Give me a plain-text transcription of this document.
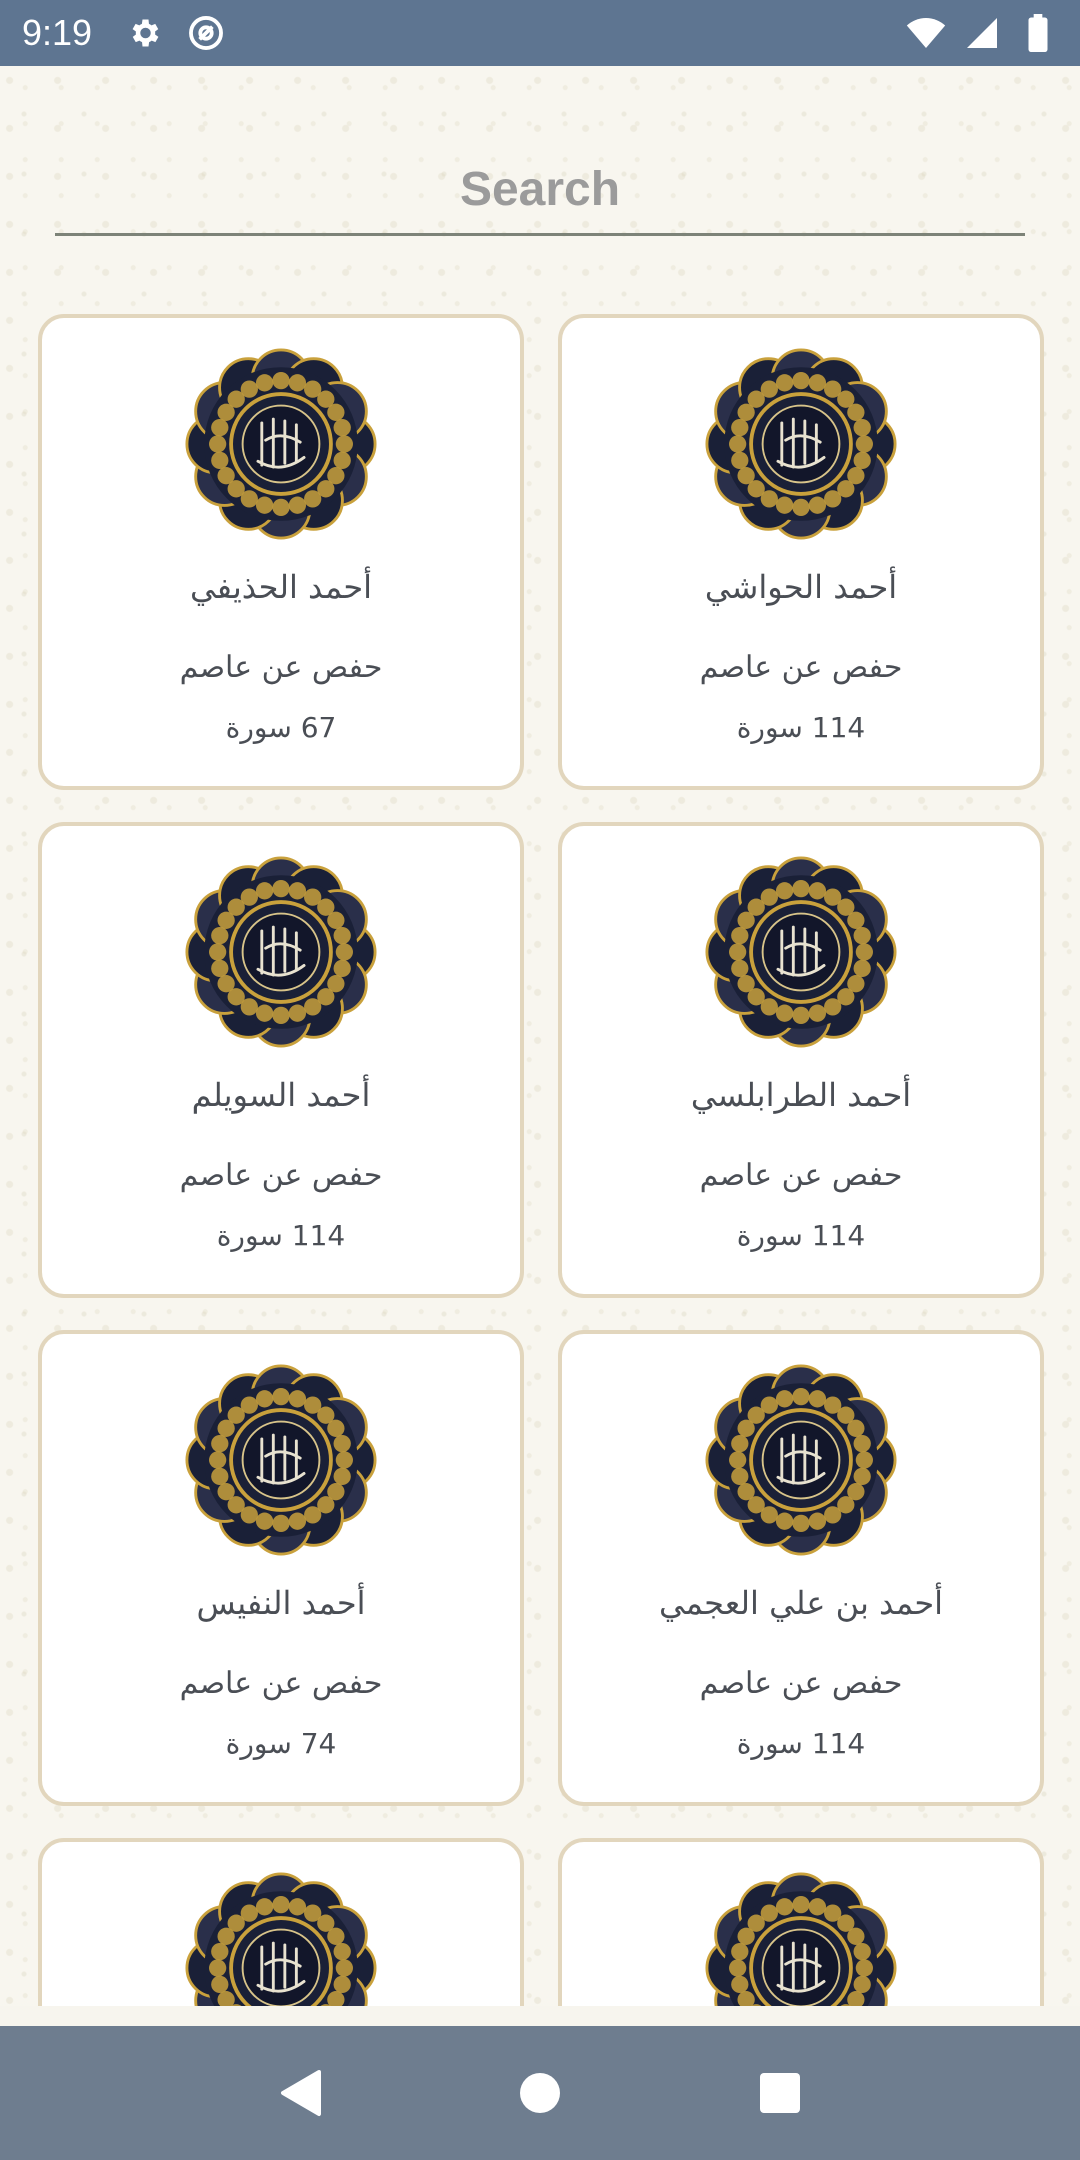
9:19
Search
أحمد الحذيفي
حفص عن عاصم
67 سورة
أحمد الحواشي
حفص عن عاصم
114 سورة
أحمد السويلم
حفص عن عاصم
114 سورة
أحمد الطرابلسي
حفص عن عاصم
114 سورة
أحمد النفيس
حفص عن عاصم
74 سورة
أحمد بن علي العجمي
حفص عن عاصم
114 سورة
